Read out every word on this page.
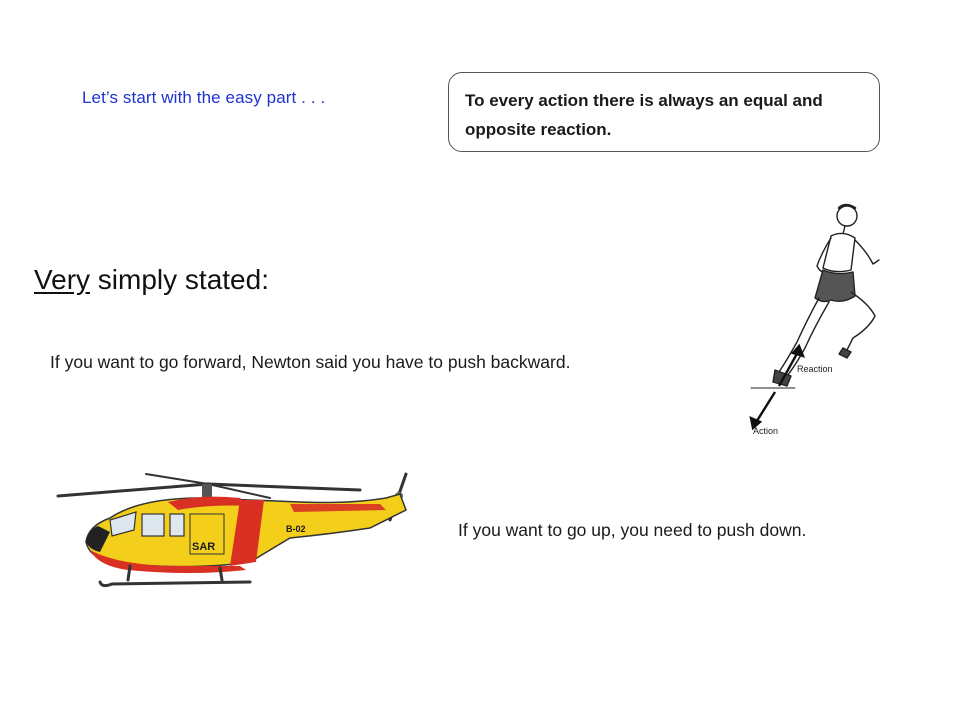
Let’s start with the easy part . . .	To every action there is always an equal and opposite reaction.
Very simply stated:
If you want to go forward, Newton said you have to push backward.
If you want to go up, you need to push down.
Reaction
Action
SAR
B-02
